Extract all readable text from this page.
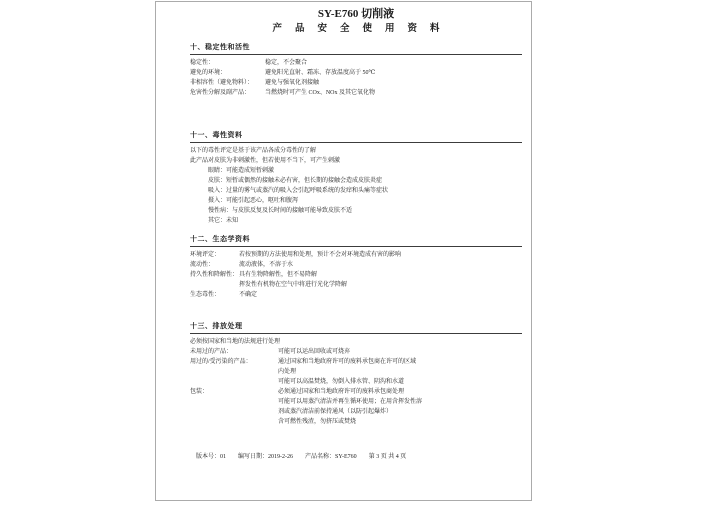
SY-E760 切削液
产品安全使用资料
十、稳定性和活性
稳定性：	稳定，不会聚合
避免的环境：	避免阳光直射、霜冻、存放温度高于 50℃
非相容性（避免物料）：	避免与强氧化剂接触
危害性分解及副产品：	当燃烧时可产生 COx、NOx 及其它氧化物
十一、毒性资料
以下的毒性评定是基于该产品各成分毒性的了解
此产品对皮肤为非刺激性，但若使用不当下，可产生刺激
眼睛：可能造成短暂刺激
皮肤：短暂或偶然的接触未必有害，但长期的接触会造成皮肤炎症
吸入：过量的雾气或蒸汽的吸入会引起呼吸系统的发痒和头痛等症状
摄入：可能引起恶心，呕吐和腹泻
慢性病：与皮肤反复及长时间的接触可能导致皮肤不适
其它：未知
十二、生态学资料
环境评定：	若按预期的方法使用和处理，预计不会对环境造成有害的影响
流动性：	流动液体，不溶于水
持久性和降解性： 具有生物降解性，但不易降解
挥发性有机物在空气中将进行光化学降解
生态毒性：	不确定
十三、排放处理
必须按国家和当地的法规进行处理
未用过的产品：	可能可以运出回收或可烧弃
用过的/受污染的产品：	通过国家和当地政府许可的废料承包商在许可的区域
内处理
可能可以高温焚烧，勿倒入排水管、阴沟和水道
包装：	必须通过国家和当地政府许可的废料承包商处理
可能可以用蒸汽清洁并再生循环使用；在用含挥发性溶
剂或蒸汽清洁前保持通风（以防引起爆炸）
含可燃性残渣，勿挤压或焚烧
版本号：01 编写日期：2019-2-26 产品名称：SY-E760 第 3 页 共 4 页
